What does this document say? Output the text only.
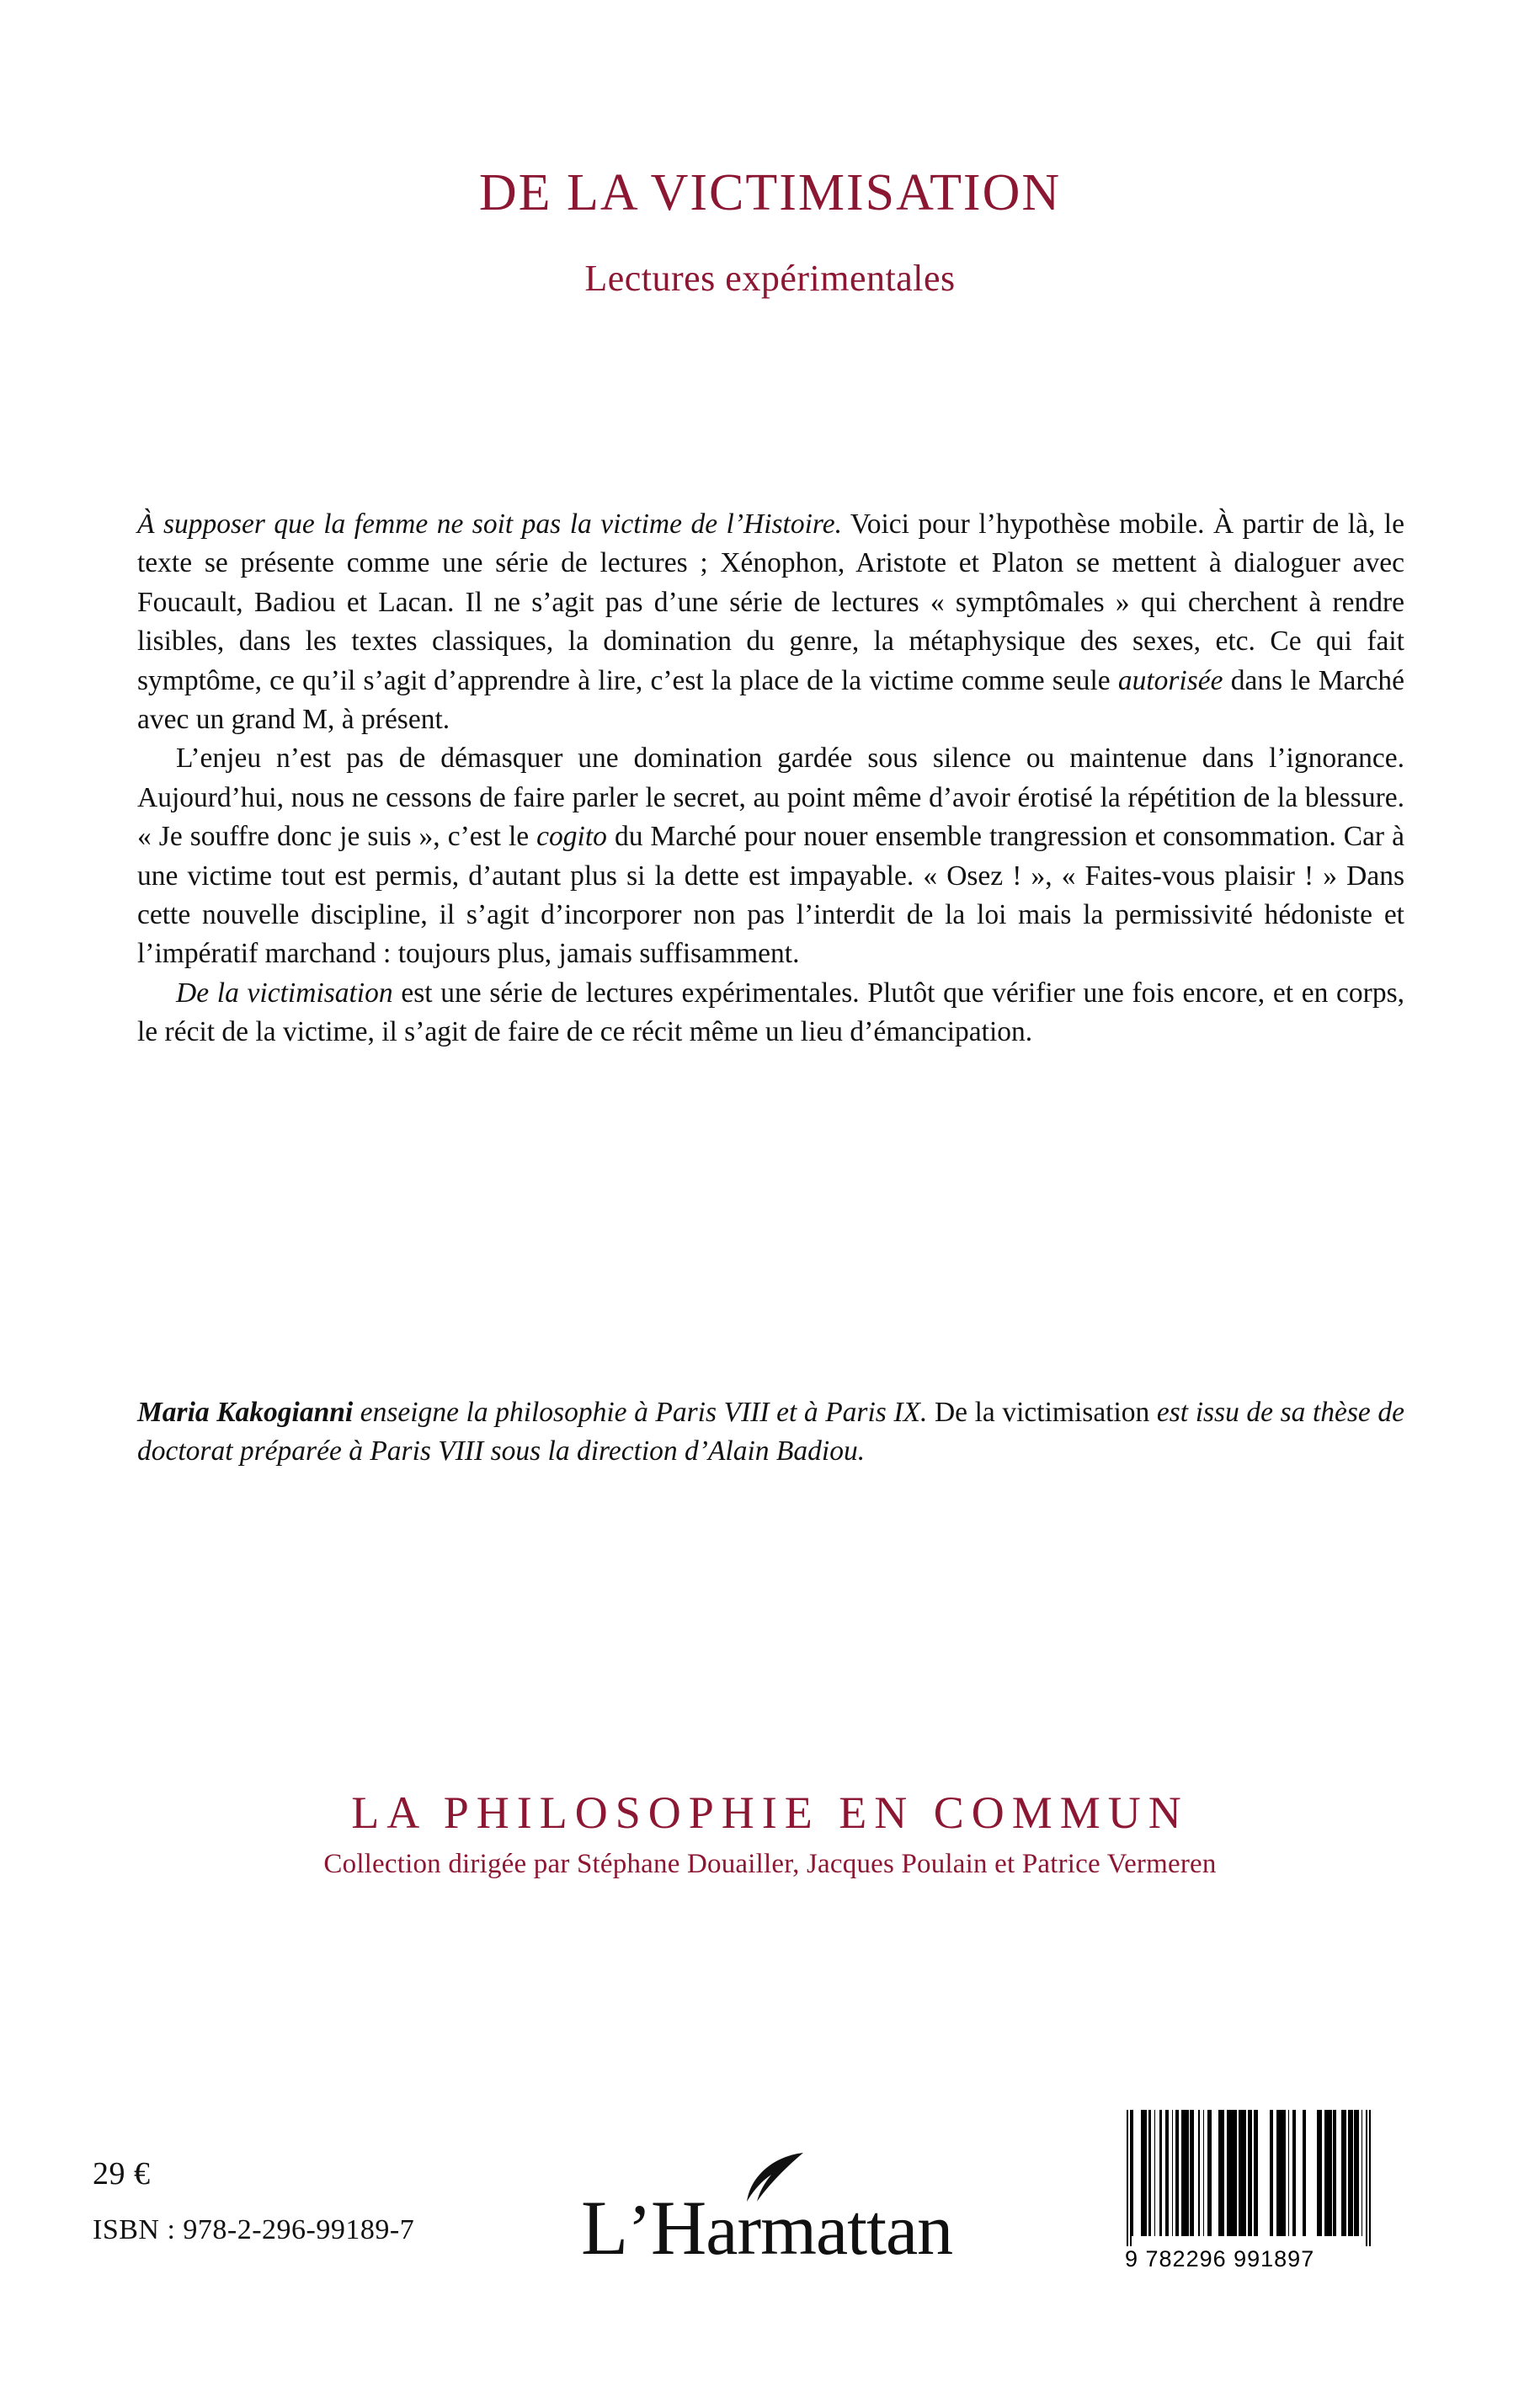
DE LA VICTIMISATION
Lectures expérimentales

À supposer que la femme ne soit pas la victime de l’Histoire. Voici pour l’hypothèse mobile. À partir de là, le texte se présente comme une série de lectures ; Xénophon, Aristote et Platon se mettent à dialoguer avec Foucault, Badiou et Lacan. Il ne s’agit pas d’une série de lectures « symptômales » qui cherchent à rendre lisibles, dans les textes classiques, la domination du genre, la métaphysique des sexes, etc. Ce qui fait symptôme, ce qu’il s’agit d’apprendre à lire, c’est la place de la victime comme seule autorisée dans le Marché avec un grand M, à présent.

L’enjeu n’est pas de démasquer une domination gardée sous silence ou maintenue dans l’ignorance. Aujourd’hui, nous ne cessons de faire parler le secret, au point même d’avoir érotisé la répétition de la blessure. « Je souffre donc je suis », c’est le cogito du Marché pour nouer ensemble trangression et consommation. Car à une victime tout est permis, d’autant plus si la dette est impayable. « Osez ! », « Faites-vous plaisir ! » Dans cette nouvelle discipline, il s’agit d’incorporer non pas l’interdit de la loi mais la permissivité hédoniste et l’impératif marchand : toujours plus, jamais suffisamment.

De la victimisation est une série de lectures expérimentales. Plutôt que vérifier une fois encore, et en corps, le récit de la victime, il s’agit de faire de ce récit même un lieu d’émancipation.

Maria Kakogianni enseigne la philosophie à Paris VIII et à Paris IX. De la victimisation est issu de sa thèse de doctorat préparée à Paris VIII sous la direction d’Alain Badiou.
LA PHILOSOPHIE EN COMMUN
Collection dirigée par Stéphane Douailler, Jacques Poulain et Patrice Vermeren
29 €
ISBN : 978-2-296-99189-7 L’Harmattan	9 782296 991897
